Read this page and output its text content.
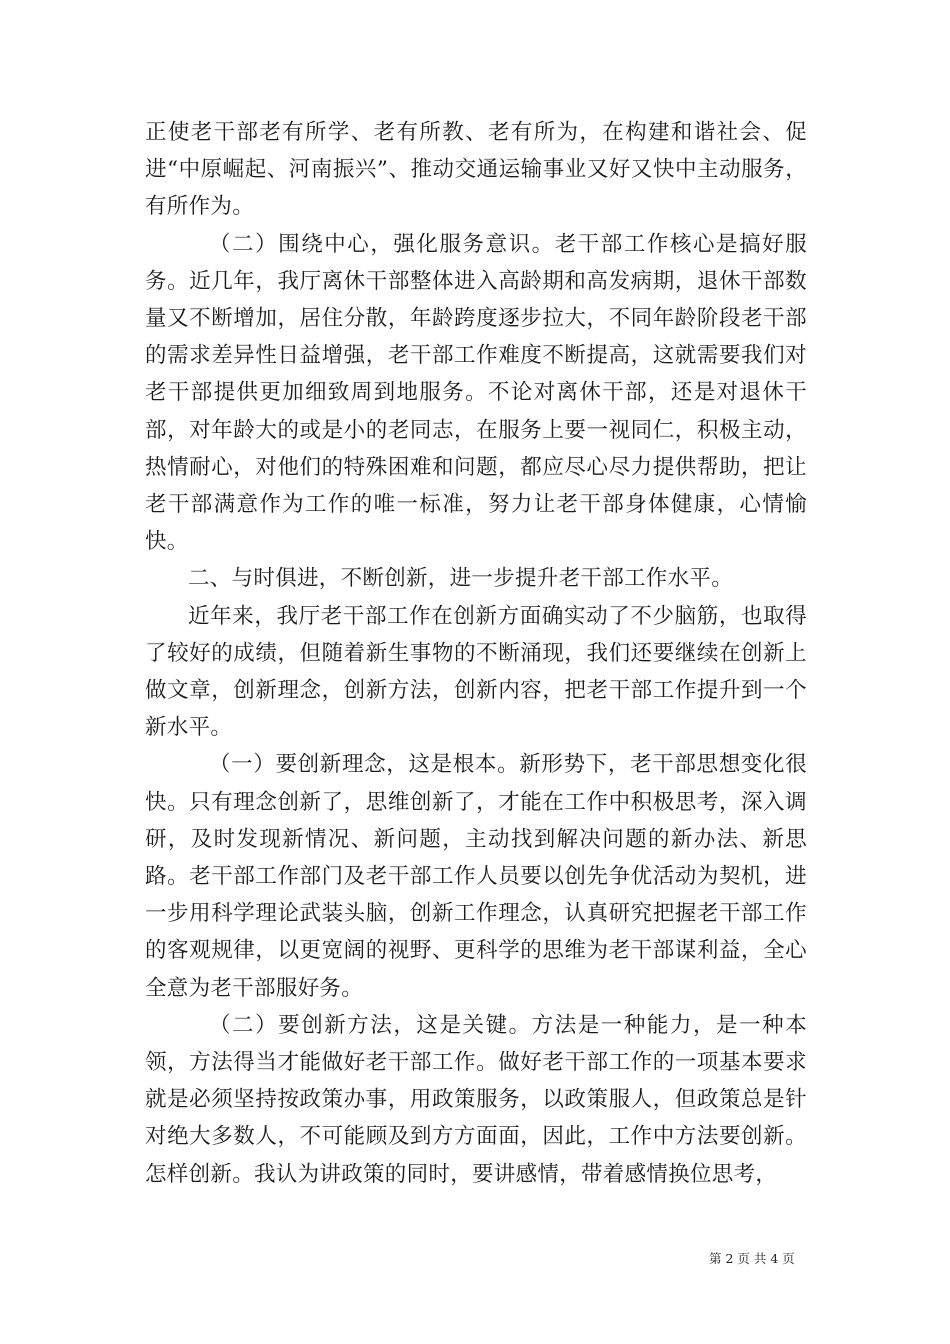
正使老干部老有所学、老有所教、老有所为，在构建和谐社会、促进“中原崛起、河南振兴”、推动交通运输事业又好又快中主动服务，有所作为。

（二）围绕中心，强化服务意识。老干部工作核心是搞好服务。近几年，我厅离休干部整体进入高龄期和高发病期，退休干部数量又不断增加，居住分散，年龄跨度逐步拉大，不同年龄阶段老干部的需求差异性日益增强，老干部工作难度不断提高，这就需要我们对老干部提供更加细致周到地服务。不论对离休干部，还是对退休干部，对年龄大的或是小的老同志，在服务上要一视同仁，积极主动，热情耐心，对他们的特殊困难和问题，都应尽心尽力提供帮助，把让老干部满意作为工作的唯一标准，努力让老干部身体健康，心情愉快。

二、与时俱进，不断创新，进一步提升老干部工作水平。

近年来，我厅老干部工作在创新方面确实动了不少脑筋，也取得了较好的成绩，但随着新生事物的不断涌现，我们还要继续在创新上做文章，创新理念，创新方法，创新内容，把老干部工作提升到一个新水平。

（一）要创新理念，这是根本。新形势下，老干部思想变化很快。只有理念创新了，思维创新了，才能在工作中积极思考，深入调研，及时发现新情况、新问题，主动找到解决问题的新办法、新思路。老干部工作部门及老干部工作人员要以创先争优活动为契机，进一步用科学理论武装头脑，创新工作理念，认真研究把握老干部工作的客观规律，以更宽阔的视野、更科学的思维为老干部谋利益，全心全意为老干部服好务。

（二）要创新方法，这是关键。方法是一种能力，是一种本领，方法得当才能做好老干部工作。做好老干部工作的一项基本要求就是必须坚持按政策办事，用政策服务，以政策服人，但政策总是针对绝大多数人，不可能顾及到方方面面，因此，工作中方法要创新。怎样创新。我认为讲政策的同时，要讲感情，带着感情换位思考，

第 2 页 共 4 页
